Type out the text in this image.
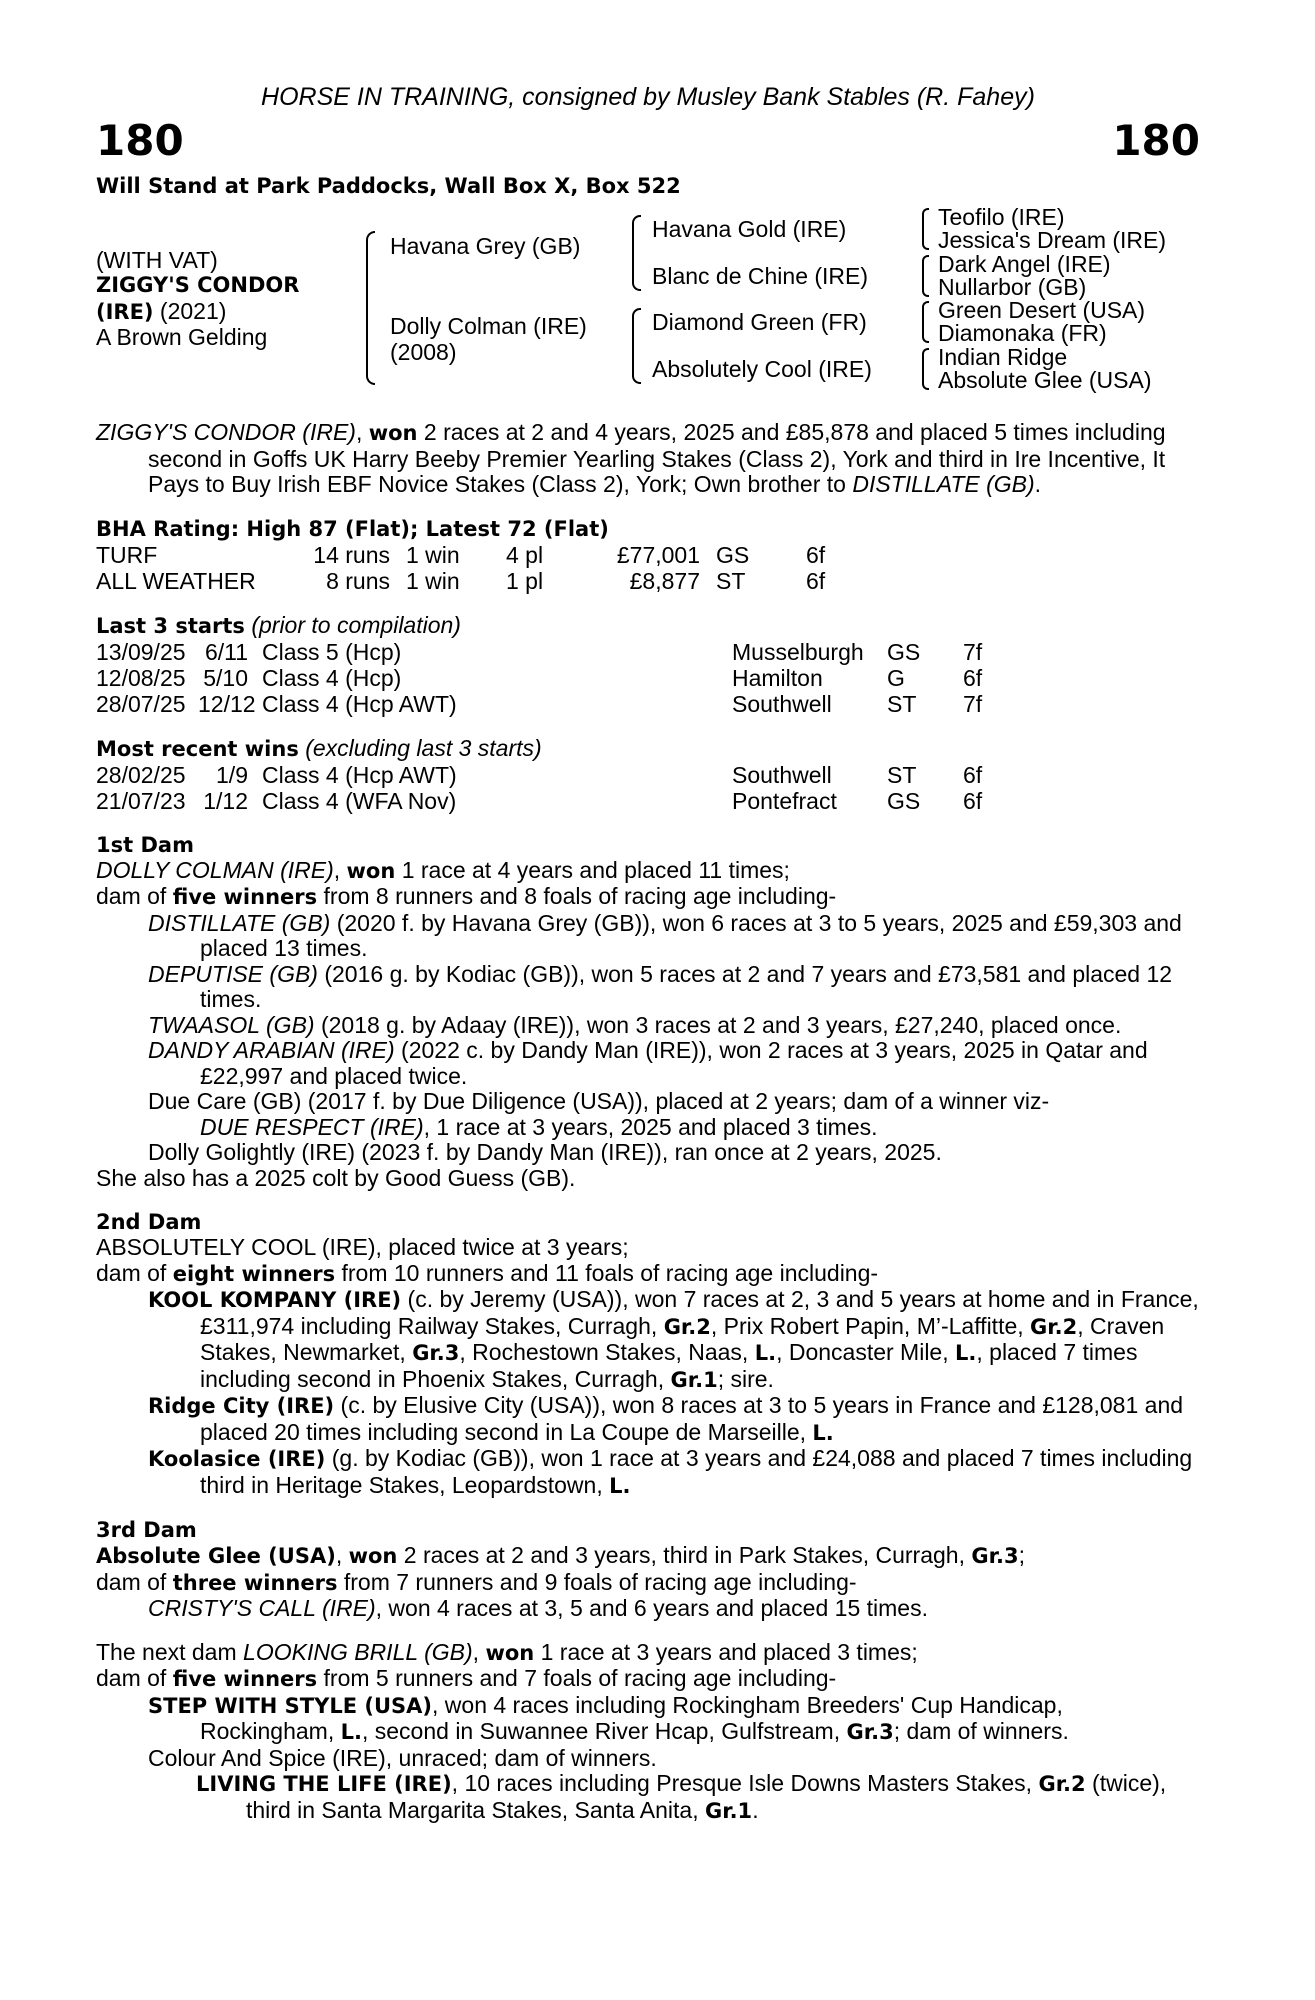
HORSE IN TRAINING, consigned by Musley Bank Stables (R. Fahey)
180	180
Will Stand at Park Paddocks, Wall Box X, Box 522
(WITH VAT)
ZIGGY'S CONDOR
(IRE) (2021)
A Brown Gelding
Havana Grey (GB)
Dolly Colman (IRE)
(2008)
Havana Gold (IRE)
Blanc de Chine (IRE)
Diamond Green (FR)
Absolutely Cool (IRE)
Teofilo (IRE)
Jessica's Dream (IRE)
Dark Angel (IRE)
Nullarbor (GB)
Green Desert (USA)
Diamonaka (FR)
Indian Ridge
Absolute Glee (USA)

ZIGGY'S CONDOR (IRE), won 2 races at 2 and 4 years, 2025 and £85,878 and placed 5 times including second in Goffs UK Harry Beeby Premier Yearling Stakes (Class 2), York and third in Ire Incentive, It Pays to Buy Irish EBF Novice Stakes (Class 2), York; Own brother to DISTILLATE (GB).

BHA Rating: High 87 (Flat); Latest 72 (Flat)
TURF	14 runs 1 win	4 pl	£77,001 GS	6f
ALL WEATHER	8 runs 1 win	1 pl	£8,877 ST	6f
Last 3 starts (prior to compilation)
13/09/25 6/11 Class 5 (Hcp)	Musselburgh	GS	7f
12/08/25 5/10 Class 4 (Hcp)	Hamilton	G	6f
28/07/25 12/12 Class 4 (Hcp AWT)	Southwell	ST	7f
Most recent wins (excluding last 3 starts)
28/02/25	1/9 Class 4 (Hcp AWT)	Southwell	ST	6f
21/07/23 1/12 Class 4 (WFA Nov)	Pontefract	GS	6f
1st Dam

DOLLY COLMAN (IRE), won 1 race at 4 years and placed 11 times;

dam of five winners from 8 runners and 8 foals of racing age including-

DISTILLATE (GB) (2020 f. by Havana Grey (GB)), won 6 races at 3 to 5 years, 2025 and £59,303 and placed 13 times.

DEPUTISE (GB) (2016 g. by Kodiac (GB)), won 5 races at 2 and 7 years and £73,581 and placed 12 times.

TWAASOL (GB) (2018 g. by Adaay (IRE)), won 3 races at 2 and 3 years, £27,240, placed once.

DANDY ARABIAN (IRE) (2022 c. by Dandy Man (IRE)), won 2 races at 3 years, 2025 in Qatar and £22,997 and placed twice.

Due Care (GB) (2017 f. by Due Diligence (USA)), placed at 2 years; dam of a winner viz-

DUE RESPECT (IRE), 1 race at 3 years, 2025 and placed 3 times.

Dolly Golightly (IRE) (2023 f. by Dandy Man (IRE)), ran once at 2 years, 2025.

She also has a 2025 colt by Good Guess (GB).

2nd Dam

ABSOLUTELY COOL (IRE), placed twice at 3 years;

dam of eight winners from 10 runners and 11 foals of racing age including-

KOOL KOMPANY (IRE) (c. by Jeremy (USA)), won 7 races at 2, 3 and 5 years at home and in France, £311,974 including Railway Stakes, Curragh, Gr.2, Prix Robert Papin, M’-Laffitte, Gr.2, Craven Stakes, Newmarket, Gr.3, Rochestown Stakes, Naas, L., Doncaster Mile, L., placed 7 times including second in Phoenix Stakes, Curragh, Gr.1; sire.

Ridge City (IRE) (c. by Elusive City (USA)), won 8 races at 3 to 5 years in France and £128,081 and placed 20 times including second in La Coupe de Marseille, L.

Koolasice (IRE) (g. by Kodiac (GB)), won 1 race at 3 years and £24,088 and placed 7 times including third in Heritage Stakes, Leopardstown, L.

3rd Dam

Absolute Glee (USA), won 2 races at 2 and 3 years, third in Park Stakes, Curragh, Gr.3;

dam of three winners from 7 runners and 9 foals of racing age including-

CRISTY'S CALL (IRE), won 4 races at 3, 5 and 6 years and placed 15 times.

The next dam LOOKING BRILL (GB), won 1 race at 3 years and placed 3 times;

dam of five winners from 5 runners and 7 foals of racing age including-

STEP WITH STYLE (USA), won 4 races including Rockingham Breeders' Cup Handicap, Rockingham, L., second in Suwannee River Hcap, Gulfstream, Gr.3; dam of winners.

Colour And Spice (IRE), unraced; dam of winners.

LIVING THE LIFE (IRE), 10 races including Presque Isle Downs Masters Stakes, Gr.2 (twice), third in Santa Margarita Stakes, Santa Anita, Gr.1.
